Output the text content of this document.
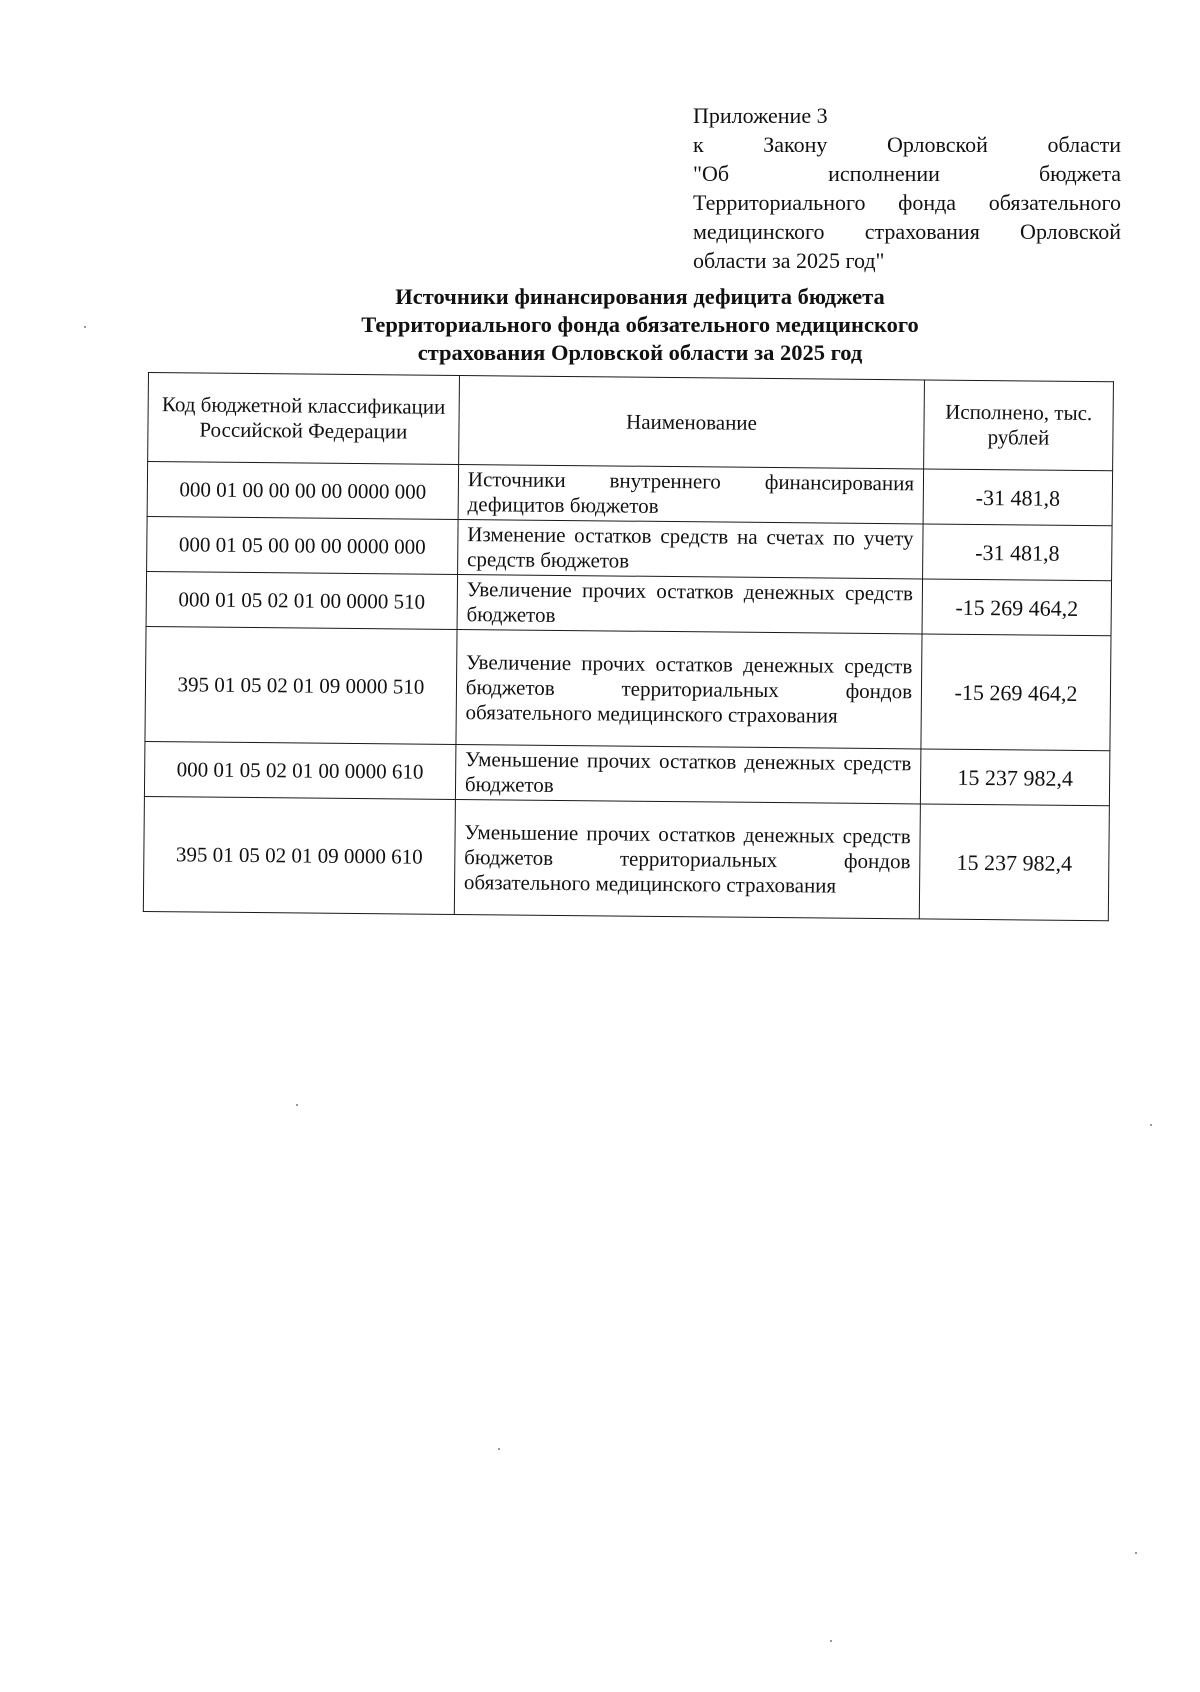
Приложение 3
к Закону Орловской области
"Об исполнении бюджета
Территориального фонда обязательного
медицинского страхования Орловской
области за 2025 год"
Источники финансирования дефицита бюджета
Территориального фонда обязательного медицинского
страхования Орловской области за 2025 год
Код бюджетной классификации Российской Федерации	Наименование	Исполнено, тыс. рублей
000 01 00 00 00 00 0000 000	Источники внутреннего финансирования дефицитов бюджетов	-31 481,8
000 01 05 00 00 00 0000 000	Изменение остатков средств на счетах по учету средств бюджетов	-31 481,8
000 01 05 02 01 00 0000 510	Увеличение прочих остатков денежных средств бюджетов	-15 269 464,2
395 01 05 02 01 09 0000 510	Увеличение прочих остатков денежных средств бюджетов территориальных фондов обязательного медицинского страхования	-15 269 464,2
000 01 05 02 01 00 0000 610	Уменьшение прочих остатков денежных средств бюджетов	15 237 982,4
395 01 05 02 01 09 0000 610	Уменьшение прочих остатков денежных средств бюджетов территориальных фондов обязательного медицинского страхования	15 237 982,4
